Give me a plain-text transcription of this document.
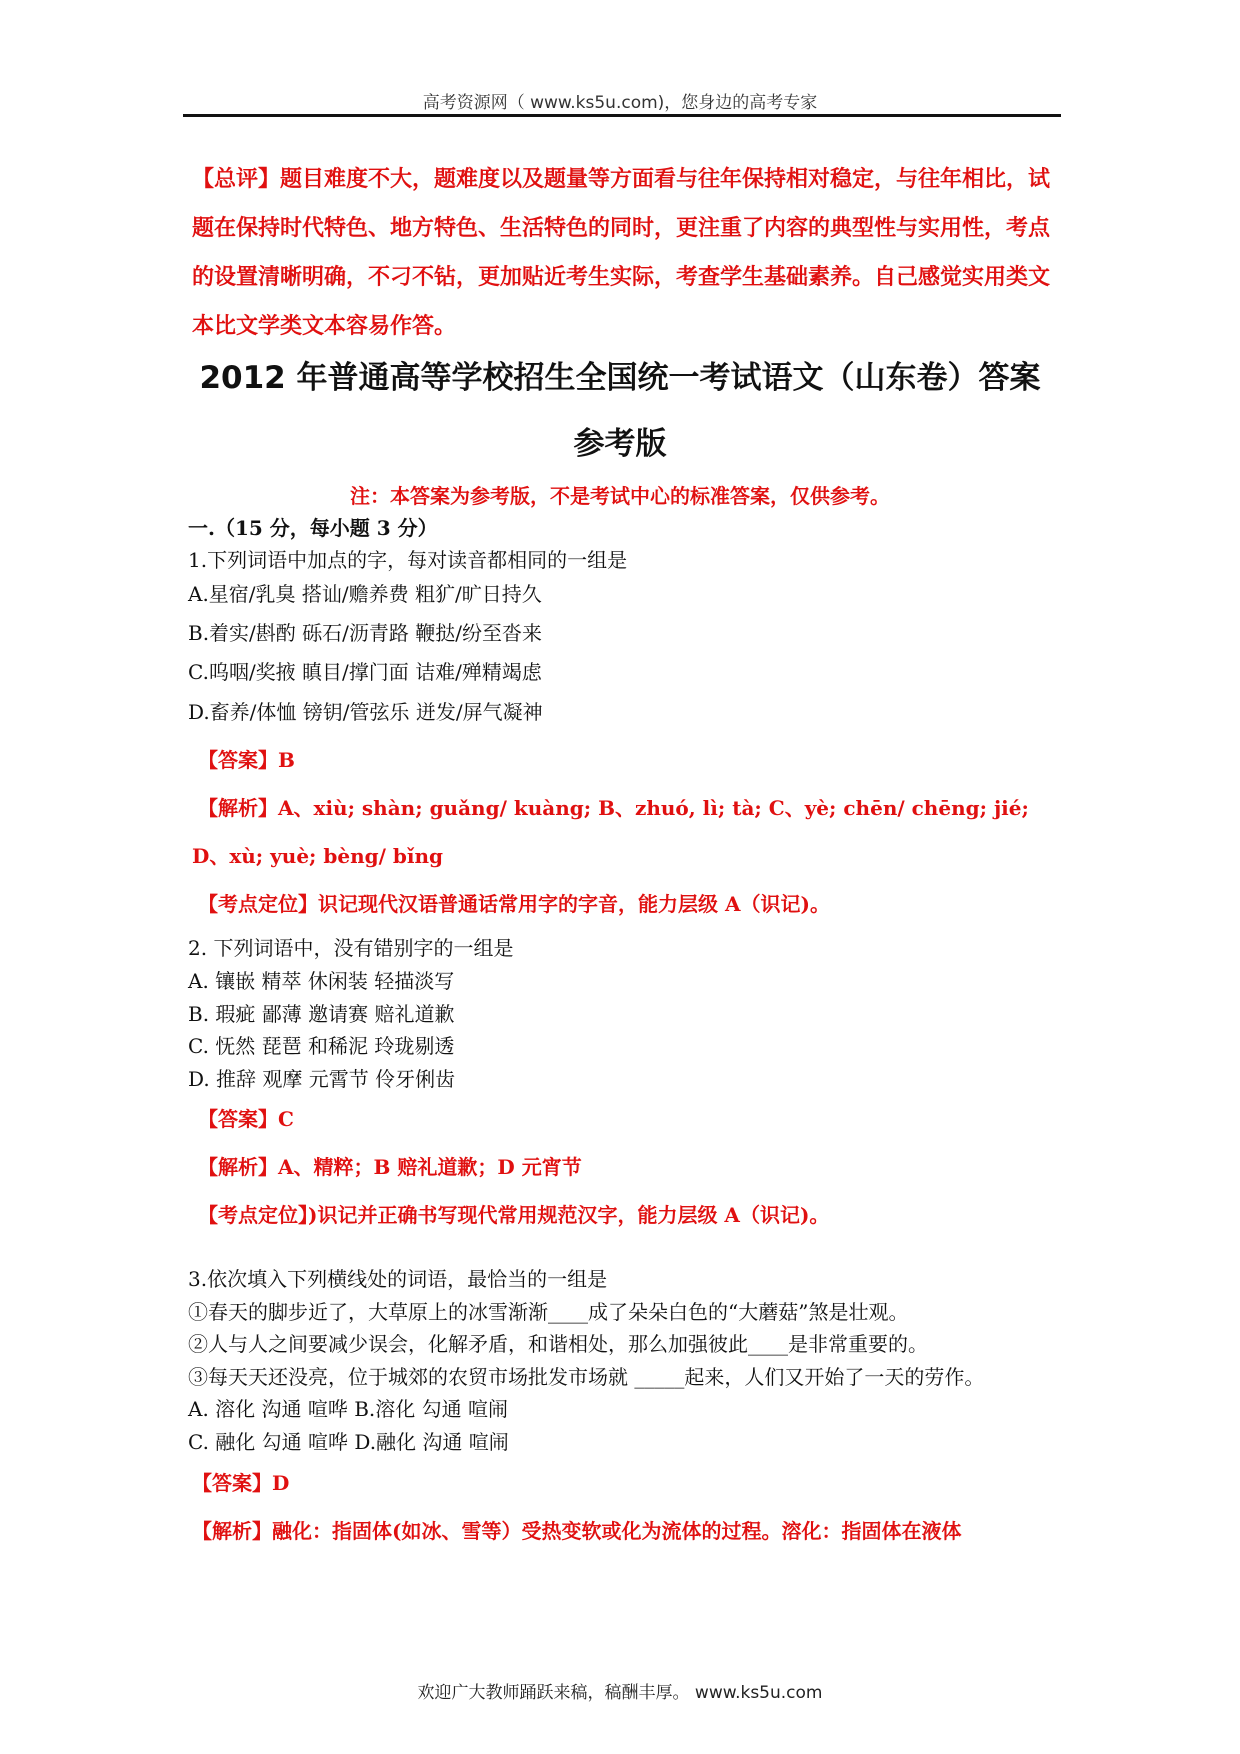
高考资源网（ www.ks5u.com)，您身边的高考专家
【总评】题目难度不大，题难度以及题量等方面看与往年保持相对稳定，与往年相比，试题在保持时代特色、地方特色、生活特色的同时，更注重了内容的典型性与实用性，考点的设置清晰明确，不刁不钻，更加贴近考生实际，考查学生基础素养。自己感觉实用类文本比文学类文本容易作答。
2012 年普通高等学校招生全国统一考试语文（山东卷）答案
参考版
注：本答案为参考版，不是考试中心的标准答案，仅供参考。
一.（15 分，每小题 3 分）
1.下列词语中加点的字，每对读音都相同的一组是
A.星宿/乳臭 搭讪/赡养费 粗犷/旷日持久
B.着实/斟酌 砾石/沥青路 鞭挞/纷至沓来
C.呜咽/奖掖 瞋目/撑门面 诘难/殚精竭虑
D.畜养/体恤 镑钥/管弦乐 迸发/屏气凝神
【答案】B
【解析】A、xiù; shàn; guǎng/ kuàng; B、zhuó, lì; tà; C、yè; chēn/ chēng; jié;
D、xù; yuè; bèng/ bǐng
【考点定位】识记现代汉语普通话常用字的字音，能力层级 A（识记)。
2. 下列词语中，没有错别字的一组是
A. 镶嵌 精萃 休闲装 轻描淡写
B. 瑕疵 鄙薄 邀请赛 赔礼道歉
C. 怃然 琵琶 和稀泥 玲珑剔透
D. 推辞 观摩 元霄节 伶牙俐齿
【答案】C
【解析】A、精粹；B 赔礼道歉；D 元宵节
【考点定位】)识记并正确书写现代常用规范汉字，能力层级 A（识记)。
3.依次填入下列横线处的词语，最恰当的一组是
①春天的脚步近了，大草原上的冰雪渐渐____成了朵朵白色的“大蘑菇”煞是壮观。
②人与人之间要减少误会，化解矛盾，和谐相处，那么加强彼此____是非常重要的。
③每天天还没亮，位于城郊的农贸市场批发市场就 _____起来，人们又开始了一天的劳作。
A. 溶化 沟通 喧哗 B.溶化 勾通 喧闹
C. 融化 勾通 喧哗 D.融化 沟通 喧闹
【答案】D
【解析】融化：指固体(如冰、雪等）受热变软或化为流体的过程。溶化：指固体在液体
欢迎广大教师踊跃来稿，稿酬丰厚。 www.ks5u.com
